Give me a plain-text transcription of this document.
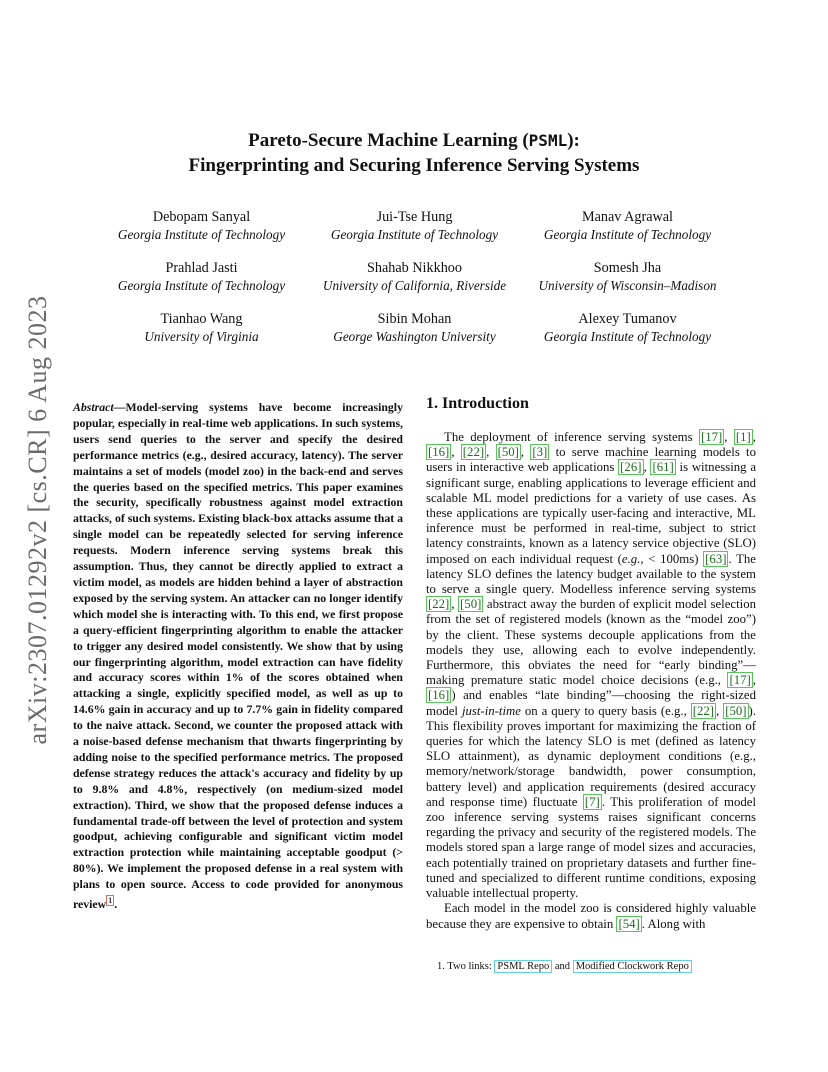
arXiv:2307.01292v2 [cs.CR] 6 Aug 2023
Pareto-Secure Machine Learning (PSML):
Fingerprinting and Securing Inference Serving Systems
Debopam Sanyal
Georgia Institute of Technology
Jui-Tse Hung
Georgia Institute of Technology
Manav Agrawal
Georgia Institute of Technology
Prahlad Jasti
Georgia Institute of Technology
Shahab Nikkhoo
University of California, Riverside
Somesh Jha
University of Wisconsin–Madison
Tianhao Wang
University of Virginia
Sibin Mohan
George Washington University
Alexey Tumanov
Georgia Institute of Technology
Abstract—Model-serving systems have become increasingly popular, especially in real-time web applications. In such systems, users send queries to the server and specify the desired performance metrics (e.g., desired accuracy, latency). The server maintains a set of models (model zoo) in the back-end and serves the queries based on the specified metrics. This paper examines the security, specifically robustness against model extraction attacks, of such systems. Existing black-box attacks assume that a single model can be repeatedly selected for serving inference requests. Modern inference serving systems break this assumption. Thus, they cannot be directly applied to extract a victim model, as models are hidden behind a layer of abstraction exposed by the serving system. An attacker can no longer identify which model she is interacting with. To this end, we first propose a query-efficient fingerprinting algorithm to enable the attacker to trigger any desired model consistently. We show that by using our fingerprinting algorithm, model extraction can have fidelity and accuracy scores within 1% of the scores obtained when attacking a single, explicitly specified model, as well as up to 14.6% gain in accuracy and up to 7.7% gain in fidelity compared to the naive attack. Second, we counter the proposed attack with a noise-based defense mechanism that thwarts fingerprinting by adding noise to the specified performance metrics. The proposed defense strategy reduces the attack's accuracy and fidelity by up to 9.8% and 4.8%, respectively (on medium-sized model extraction). Third, we show that the proposed defense induces a fundamental trade-off between the level of protection and system goodput, achieving configurable and significant victim model extraction protection while maintaining acceptable goodput (> 80%). We implement the proposed defense in a real system with plans to open source. Access to code provided for anonymous review $^1$ .
1. Introduction

The deployment of inference serving systems [17] , [1] , [16] , [22] , [50] , [3] to serve machine learning models to users in interactive web applications [26] , [61] is witnessing a significant surge, enabling applications to leverage efficient and scalable ML model predictions for a variety of use cases. As these applications are typically user-facing and interactive, ML inference must be performed in real-time, subject to strict latency constraints, known as a latency service objective (SLO) imposed on each individual request (e.g., < 100ms) [63] . The latency SLO defines the latency budget available to the system to serve a single query. Modelless inference serving systems [22] , [50] abstract away the burden of explicit model selection from the set of registered models (known as the “model zoo”) by the client. These systems decouple applications from the models they use, allowing each to evolve independently. Furthermore, this obviates the need for “early binding”—making premature static model choice decisions (e.g., [17] , [16] ) and enables “late binding”—choosing the right-sized model just-in-time on a query to query basis (e.g., [22] , [50] ). This flexibility proves important for maximizing the fraction of queries for which the latency SLO is met (defined as latency SLO attainment), as dynamic deployment conditions (e.g., memory/network/storage bandwidth, power consumption, battery level) and application requirements (desired accuracy and response time) fluctuate [7] . This proliferation of model zoo inference serving systems raises significant concerns regarding the privacy and security of the registered models. The models stored span a large range of model sizes and accuracies, each potentially trained on proprietary datasets and further fine-tuned and specialized to different runtime conditions, exposing valuable intellectual property.

Each model in the model zoo is considered highly valuable because they are expensive to obtain [54] . Along with

1. Two links: PSML Repo and Modified Clockwork Repo
